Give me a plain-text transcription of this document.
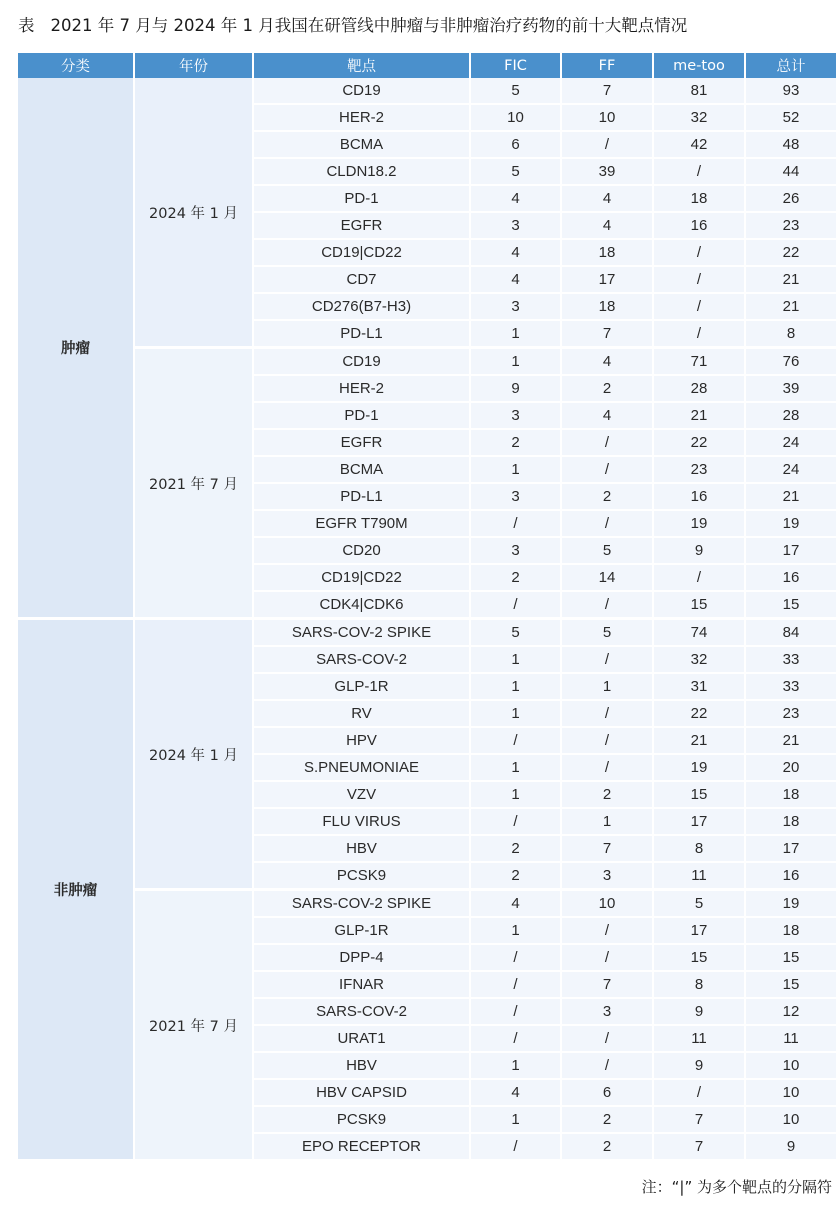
表 2021 年 7 月与 2024 年 1 月我国在研管线中肿瘤与非肿瘤治疗药物的前十大靶点情况
分类	年份	靶点	FIC	FF	me-too	总计
肿瘤	2024 年 1 月	CD19	5	7	81	93
		HER-2	10	10	32	52
		BCMA	6	/	42	48
		CLDN18.2	5	39	/	44
		PD-1	4	4	18	26
		EGFR	3	4	16	23
		CD19|CD22	4	18	/	22
		CD7	4	17	/	21
		CD276(B7-H3)	3	18	/	21
		PD-L1	1	7	/	8
	2021 年 7 月	CD19	1	4	71	76
		HER-2	9	2	28	39
		PD-1	3	4	21	28
		EGFR	2	/	22	24
		BCMA	1	/	23	24
		PD-L1	3	2	16	21
		EGFR T790M	/	/	19	19
		CD20	3	5	9	17
		CD19|CD22	2	14	/	16
		CDK4|CDK6	/	/	15	15
非肿瘤	2024 年 1 月	SARS-COV-2 SPIKE	5	5	74	84
		SARS-COV-2	1	/	32	33
		GLP-1R	1	1	31	33
		RV	1	/	22	23
		HPV	/	/	21	21
		S.PNEUMONIAE	1	/	19	20
		VZV	1	2	15	18
		FLU VIRUS	/	1	17	18
		HBV	2	7	8	17
		PCSK9	2	3	11	16
	2021 年 7 月	SARS-COV-2 SPIKE	4	10	5	19
		GLP-1R	1	/	17	18
		DPP-4	/	/	15	15
		IFNAR	/	7	8	15
		SARS-COV-2	/	3	9	12
		URAT1	/	/	11	11
		HBV	1	/	9	10
		HBV CAPSID	4	6	/	10
		PCSK9	1	2	7	10
		EPO RECEPTOR	/	2	7	9
注：“|” 为多个靶点的分隔符
